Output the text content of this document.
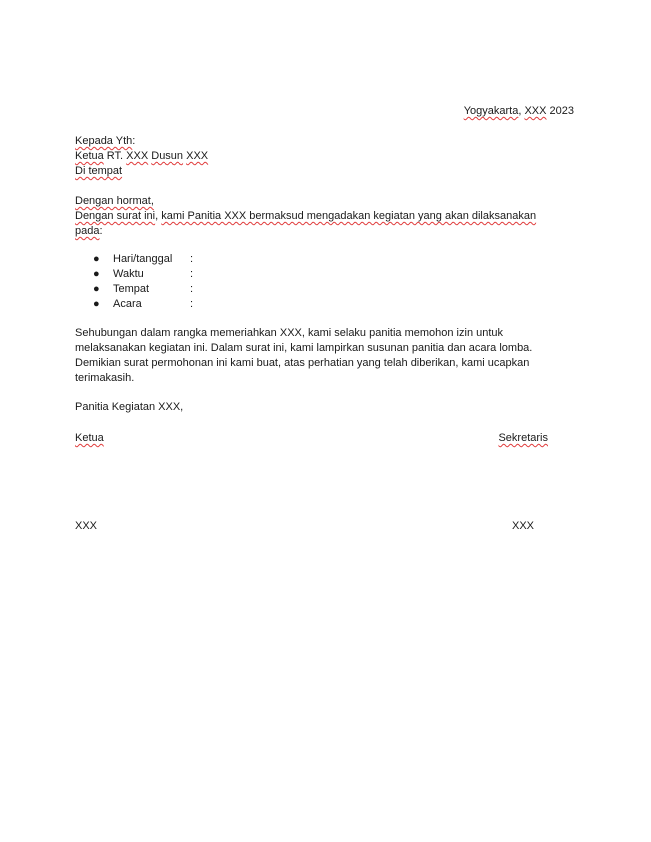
Yogyakarta, XXX 2023
Kepada Yth:
Ketua RT. XXX Dusun XXX
Di tempat
Dengan hormat,
Dengan surat ini, kami Panitia XXX bermaksud mengadakan kegiatan yang akan dilaksanakan
pada:
● Hari/tanggal :
● Waktu	:
● Tempat	:
● Acara	:
Sehubungan dalam rangka memeriahkan XXX, kami selaku panitia memohon izin untuk
melaksanakan kegiatan ini. Dalam surat ini, kami lampirkan susunan panitia dan acara lomba.
Demikian surat permohonan ini kami buat, atas perhatian yang telah diberikan, kami ucapkan
terimakasih.
Panitia Kegiatan XXX,
Ketua	Sekretaris
XXX	XXX
